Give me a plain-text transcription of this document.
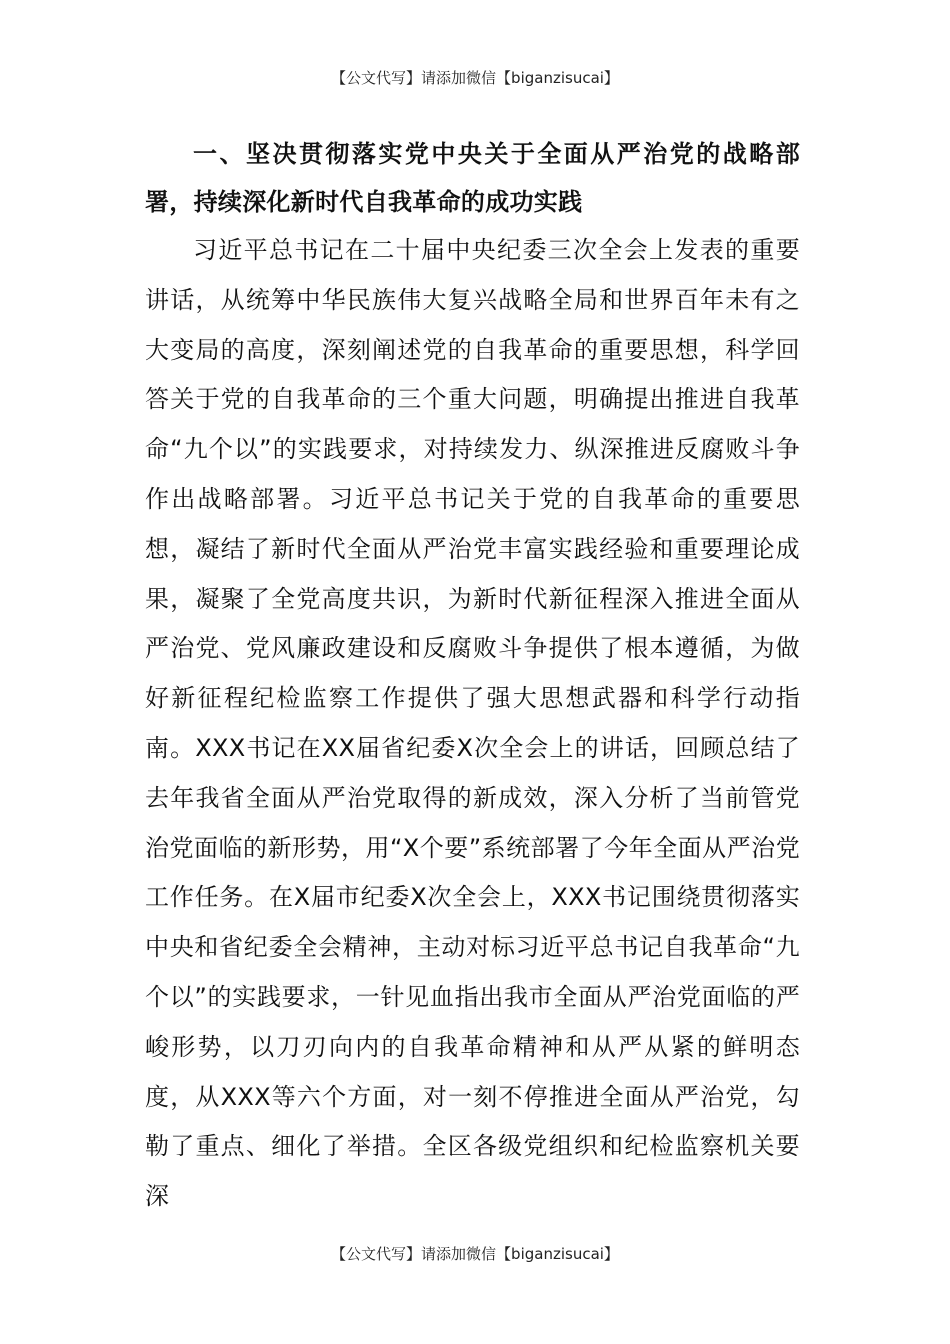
【公文代写】请添加微信【biganzisucai】

一、坚决贯彻落实党中央关于全面从严治党的战略部署，持续深化新时代自我革命的成功实践

习近平总书记在二十届中央纪委三次全会上发表的重要讲话，从统筹中华民族伟大复兴战略全局和世界百年未有之大变局的高度，深刻阐述党的自我革命的重要思想，科学回答关于党的自我革命的三个重大问题，明确提出推进自我革命“九个以”的实践要求，对持续发力、纵深推进反腐败斗争作出战略部署。习近平总书记关于党的自我革命的重要思想，凝结了新时代全面从严治党丰富实践经验和重要理论成果，凝聚了全党高度共识，为新时代新征程深入推进全面从严治党、党风廉政建设和反腐败斗争提供了根本遵循，为做好新征程纪检监察工作提供了强大思想武器和科学行动指南。XXX书记在XX届省纪委X次全会上的讲话，回顾总结了去年我省全面从严治党取得的新成效，深入分析了当前管党治党面临的新形势，用“X个要”系统部署了今年全面从严治党工作任务。在X届市纪委X次全会上，XXX书记围绕贯彻落实中央和省纪委全会精神，主动对标习近平总书记自我革命“九个以”的实践要求，一针见血指出我市全面从严治党面临的严峻形势，以刀刃向内的自我革命精神和从严从紧的鲜明态度，从XXX等六个方面，对一刻不停推进全面从严治党，勾勒了重点、细化了举措。全区各级党组织和纪检监察机关要深

【公文代写】请添加微信【biganzisucai】
